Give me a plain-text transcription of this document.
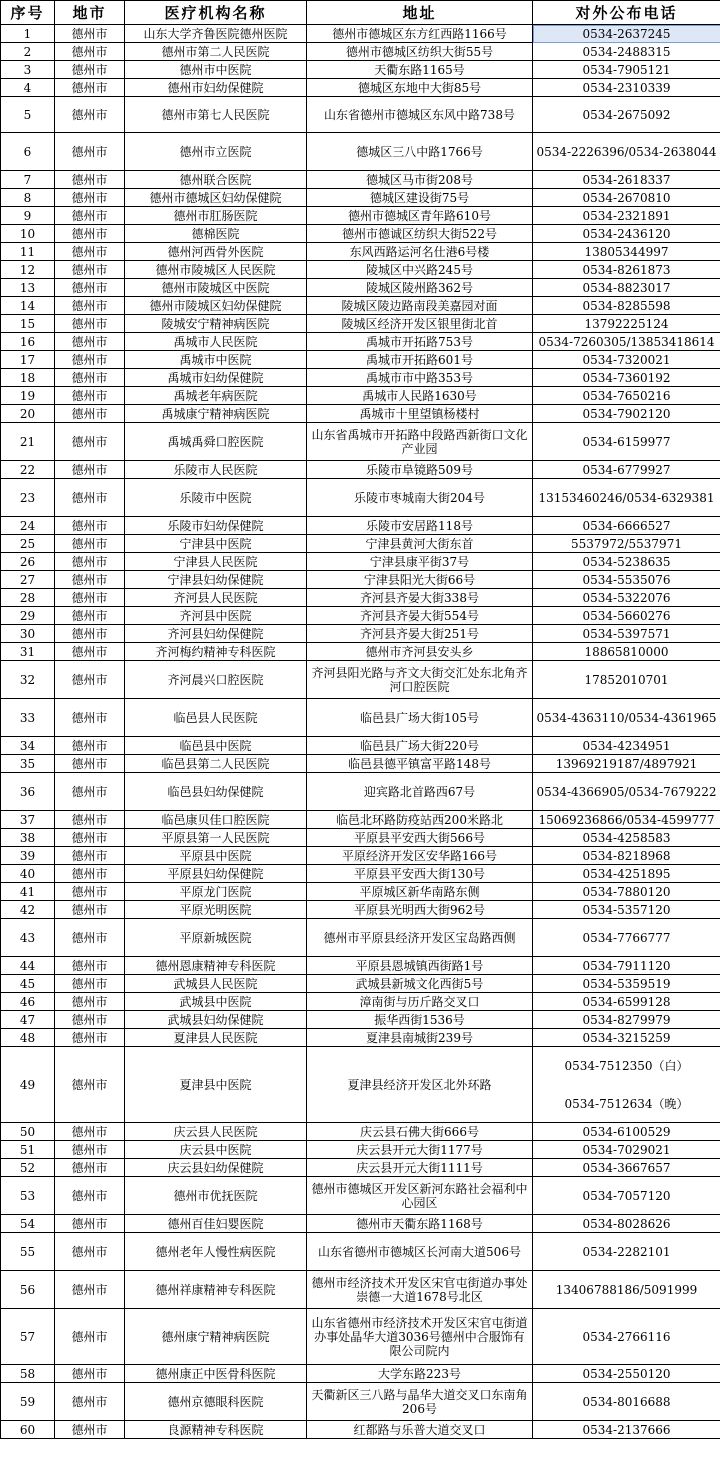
序号	地市	医疗机构名称	地址	对外公布电话
1	德州市	山东大学齐鲁医院德州医院	德州市德城区东方红西路1166号	0534-2637245
2	德州市	德州市第二人民医院	德州市德城区纺织大街55号	0534-2488315
3	德州市	德州市中医院	天衢东路1165号	0534-7905121
4	德州市	德州市妇幼保健院	德城区东地中大街85号	0534-2310339
5	德州市	德州市第七人民医院	山东省德州市德城区东风中路738号	0534-2675092
6	德州市	德州市立医院	德城区三八中路1766号	0534-2226396/0534-2638044
7	德州市	德州联合医院	德城区马市街208号	0534-2618337
8	德州市	德州市德城区妇幼保健院	德城区建设街75号	0534-2670810
9	德州市	德州市肛肠医院	德州市德城区青年路610号	0534-2321891
10	德州市	德棉医院	德州市德诚区纺织大街522号	0534-2436120
11	德州市	德州河西骨外医院	东风西路运河名仕港6号楼	13805344997
12	德州市	德州市陵城区人民医院	陵城区中兴路245号	0534-8261873
13	德州市	德州市陵城区中医院	陵城区陵州路362号	0534-8823017
14	德州市	德州市陵城区妇幼保健院	陵城区陵边路南段美嘉园对面	0534-8285598
15	德州市	陵城安宁精神病医院	陵城区经济开发区银里街北首	13792225124
16	德州市	禹城市人民医院	禹城市开拓路753号	0534-7260305/13853418614
17	德州市	禹城市中医院	禹城市开拓路601号	0534-7320021
18	德州市	禹城市妇幼保健院	禹城市市中路353号	0534-7360192
19	德州市	禹城老年病医院	禹城市人民路1630号	0534-7650216
20	德州市	禹城康宁精神病医院	禹城市十里望镇杨楼村	0534-7902120
21	德州市	禹城禹舜口腔医院	山东省禹城市开拓路中段路西新街口文化产业园	0534-6159977
22	德州市	乐陵市人民医院	乐陵市阜镜路509号	0534-6779927
23	德州市	乐陵市中医院	乐陵市枣城南大街204号	13153460246/0534-6329381
24	德州市	乐陵市妇幼保健院	乐陵市安居路118号	0534-6666527
25	德州市	宁津县中医院	宁津县黄河大街东首	5537972/5537971
26	德州市	宁津县人民医院	宁津县康平街37号	0534-5238635
27	德州市	宁津县妇幼保健院	宁津县阳光大街66号	0534-5535076
28	德州市	齐河县人民医院	齐河县齐晏大街338号	0534-5322076
29	德州市	齐河县中医院	齐河县齐晏大街554号	0534-5660276
30	德州市	齐河县妇幼保健院	齐河县齐晏大街251号	0534-5397571
31	德州市	齐河梅约精神专科医院	德州市齐河县安头乡	18865810000
32	德州市	齐河晨兴口腔医院	齐河县阳光路与齐文大街交汇处东北角齐河口腔医院	17852010701
33	德州市	临邑县人民医院	临邑县广场大街105号	0534-4363110/0534-4361965
34	德州市	临邑县中医院	临邑县广场大街220号	0534-4234951
35	德州市	临邑县第二人民医院	临邑县德平镇富平路148号	13969219187/4897921
36	德州市	临邑县妇幼保健院	迎宾路北首路西67号	0534-4366905/0534-7679222
37	德州市	临邑康贝佳口腔医院	临邑北环路防疫站西200米路北	15069236866/0534-4599777
38	德州市	平原县第一人民医院	平原县平安西大街566号	0534-4258583
39	德州市	平原县中医院	平原经济开发区安华路166号	0534-8218968
40	德州市	平原县妇幼保健院	平原县平安西大街130号	0534-4251895
41	德州市	平原龙门医院	平原城区新华南路东侧	0534-7880120
42	德州市	平原光明医院	平原县光明西大街962号	0534-5357120
43	德州市	平原新城医院	德州市平原县经济开发区宝岛路西侧	0534-7766777
44	德州市	德州恩康精神专科医院	平原县恩城镇西街路1号	0534-7911120
45	德州市	武城县人民医院	武城县新城文化西街5号	0534-5359519
46	德州市	武城县中医院	漳南街与历斤路交叉口	0534-6599128
47	德州市	武城县妇幼保健院	振华西街1536号	0534-8279979
48	德州市	夏津县人民医院	夏津县南城街239号	0534-3215259
49	德州市	夏津县中医院	夏津县经济开发区北外环路	0534-7512350（白）
0534-7512634（晚）

50	德州市	庆云县人民医院	庆云县石佛大街666号	0534-6100529
51	德州市	庆云县中医院	庆云县开元大街1177号	0534-7029021
52	德州市	庆云县妇幼保健院	庆云县开元大街1111号	0534-3667657
53	德州市	德州市优抚医院	德州市德城区开发区新河东路社会福利中心园区	0534-7057120
54	德州市	德州百佳妇婴医院	德州市天衢东路1168号	0534-8028626
55	德州市	德州老年人慢性病医院	山东省德州市德城区长河南大道506号	0534-2282101
56	德州市	德州祥康精神专科医院	德州市经济技术开发区宋官屯街道办事处崇德一大道1678号北区	13406788186/5091999
57	德州市	德州康宁精神病医院	山东省德州市经济技术开发区宋官屯街道办事处晶华大道3036号德州中合服饰有限公司院内	0534-2766116
58	德州市	德州康正中医骨科医院	大学东路223号	0534-2550120
59	德州市	德州京德眼科医院	天衢新区三八路与晶华大道交叉口东南角206号	0534-8016688
60	德州市	良源精神专科医院	红都路与乐普大道交叉口	0534-2137666
